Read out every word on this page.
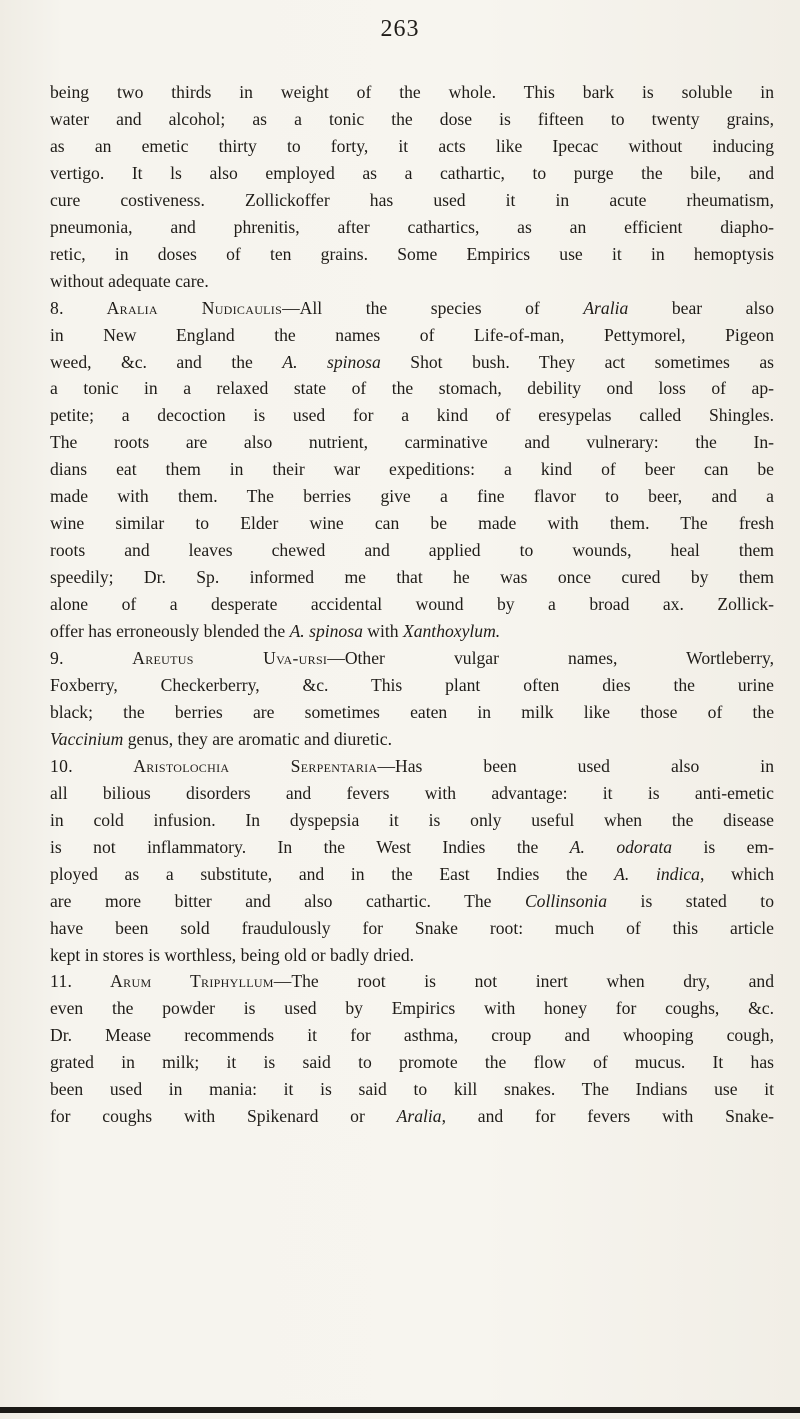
263
being two thirds in weight of the whole. This bark is soluble in
water and alcohol; as a tonic the dose is fifteen to twenty grains,
as an emetic thirty to forty, it acts like Ipecac without inducing
vertigo. It ls also employed as a cathartic, to purge the bile, and
cure costiveness. Zollickoffer has used it in acute rheumatism,
pneumonia, and phrenitis, after cathartics, as an efficient diapho-
retic, in doses of ten grains. Some Empirics use it in hemoptysis
without adequate care.
8. Aralia Nudicaulis—All the species of Aralia bear also
in New England the names of Life-of-man, Pettymorel, Pigeon
weed, &c. and the A. spinosa Shot bush. They act sometimes as
a tonic in a relaxed state of the stomach, debility ond loss of ap-
petite; a decoction is used for a kind of eresypelas called Shingles.
The roots are also nutrient, carminative and vulnerary: the In-
dians eat them in their war expeditions: a kind of beer can be
made with them. The berries give a fine flavor to beer, and a
wine similar to Elder wine can be made with them. The fresh
roots and leaves chewed and applied to wounds, heal them
speedily; Dr. Sp. informed me that he was once cured by them
alone of a desperate accidental wound by a broad ax. Zollick-
offer has erroneously blended the A. spinosa with Xanthoxylum.
9. Areutus Uva-ursi—Other vulgar names, Wortleberry,
Foxberry, Checkerberry, &c. This plant often dies the urine
black; the berries are sometimes eaten in milk like those of the
Vaccinium genus, they are aromatic and diuretic.
10. Aristolochia Serpentaria—Has been used also in
all bilious disorders and fevers with advantage: it is anti-emetic
in cold infusion. In dyspepsia it is only useful when the disease
is not inflammatory. In the West Indies the A. odorata is em-
ployed as a substitute, and in the East Indies the A. indica, which
are more bitter and also cathartic. The Collinsonia is stated to
have been sold fraudulously for Snake root: much of this article
kept in stores is worthless, being old or badly dried.
11. Arum Triphyllum—The root is not inert when dry, and
even the powder is used by Empirics with honey for coughs, &c.
Dr. Mease recommends it for asthma, croup and whooping cough,
grated in milk; it is said to promote the flow of mucus. It has
been used in mania: it is said to kill snakes. The Indians use it
for coughs with Spikenard or Aralia, and for fevers with Snake-
